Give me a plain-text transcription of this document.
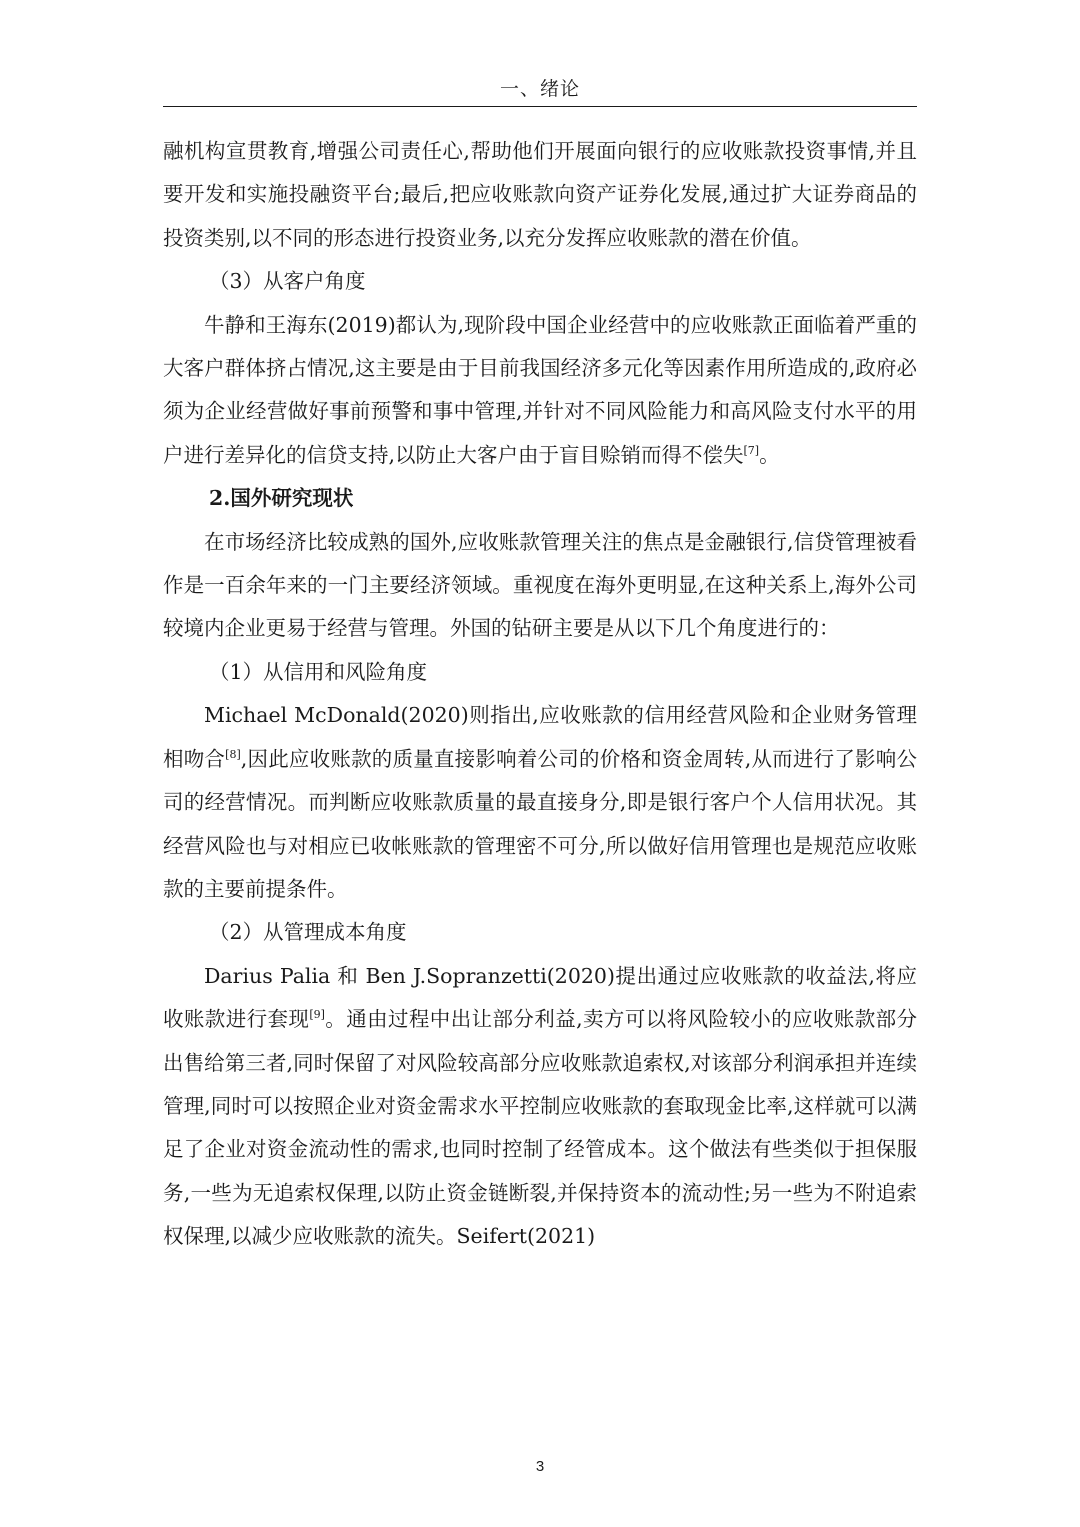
一、绪论

融机构宣贯教育,增强公司责任心,帮助他们开展面向银行的应收账款投资事情,并且要开发和实施投融资平台;最后,把应收账款向资产证券化发展,通过扩大证券商品的投资类别,以不同的形态进行投资业务,以充分发挥应收账款的潜在价值。

（3）从客户角度

牛静和王海东(2019)都认为,现阶段中国企业经营中的应收账款正面临着严重的大客户群体挤占情况,这主要是由于目前我国经济多元化等因素作用所造成的,政府必须为企业经营做好事前预警和事中管理,并针对不同风险能力和高风险支付水平的用户进行差异化的信贷支持,以防止大客户由于盲目赊销而得不偿失[7]。

2.国外研究现状

在市场经济比较成熟的国外,应收账款管理关注的焦点是金融银行,信贷管理被看作是一百余年来的一门主要经济领域。重视度在海外更明显,在这种关系上,海外公司较境内企业更易于经营与管理。外国的钻研主要是从以下几个角度进行的：

（1）从信用和风险角度

Michael McDonald(2020)则指出,应收账款的信用经营风险和企业财务管理相吻合[8],因此应收账款的质量直接影响着公司的价格和资金周转,从而进行了影响公司的经营情况。而判断应收账款质量的最直接身分,即是银行客户个人信用状况。其经营风险也与对相应已收帐账款的管理密不可分,所以做好信用管理也是规范应收账款的主要前提条件。

（2）从管理成本角度

Darius Palia 和 Ben J.Sopranzetti(2020)提出通过应收账款的收益法,将应收账款进行套现[9]。通由过程中出让部分利益,卖方可以将风险较小的应收账款部分出售给第三者,同时保留了对风险较高部分应收账款追索权,对该部分利润承担并连续管理,同时可以按照企业对资金需求水平控制应收账款的套取现金比率,这样就可以满足了企业对资金流动性的需求,也同时控制了经管成本。这个做法有些类似于担保服务,一些为无追索权保理,以防止资金链断裂,并保持资本的流动性;另一些为不附追索权保理,以减少应收账款的流失。Seifert(2021)

3
